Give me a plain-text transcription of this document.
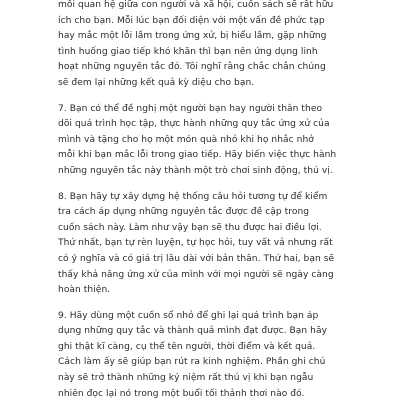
mối quan hệ giữa con người và xã hội, cuốn sách sẽ rất hữu
ích cho bạn. Mỗi lúc bạn đối diện với một vấn đề phức tạp
hay mắc một lỗi lầm trong ứng xử, bị hiểu lầm, gặp những
tình huống giao tiếp khó khăn thì bạn nên ứng dụng linh
hoạt những nguyên tắc đó. Tôi nghĩ rằng chắc chắn chúng
sẽ đem lại những kết quả kỳ diệu cho bạn.

7. Bạn có thể đề nghị một người bạn hay người thân theo
dõi quá trình học tập, thực hành những quy tắc ứng xử của
mình và tặng cho họ một món quà nhỏ khi họ nhắc nhở
mỗi khi bạn mắc lỗi trong giao tiếp. Hãy biến việc thực hành
những nguyên tắc này thành một trò chơi sinh động, thú vị.

8. Bạn hãy tự xây dựng hệ thống câu hỏi tương tự để kiểm
tra cách áp dụng những nguyên tắc được đề cập trong
cuốn sách này. Làm như vậy bạn sẽ thu được hai điều lợi.
Thứ nhất, bạn tự rèn luyện, tự học hỏi, tuy vất vả nhưng rất
có ý nghĩa và có giá trị lâu dài với bản thân. Thứ hai, bạn sẽ
thấy khả năng ứng xử của mình với mọi người sẽ ngày càng
hoàn thiện.

9. Hãy dùng một cuốn sổ nhỏ để ghi lại quá trình bạn áp
dụng những quy tắc và thành quả mình đạt được. Bạn hãy
ghi thật kĩ càng, cụ thể tên người, thời điểm và kết quả.
Cách làm ấy sẽ giúp bạn rút ra kinh nghiệm. Phần ghi chú
này sẽ trở thành những kỷ niệm rất thú vị khi bạn ngẫu
nhiên đọc lại nó trong một buổi tối thảnh thơi nào đó.
